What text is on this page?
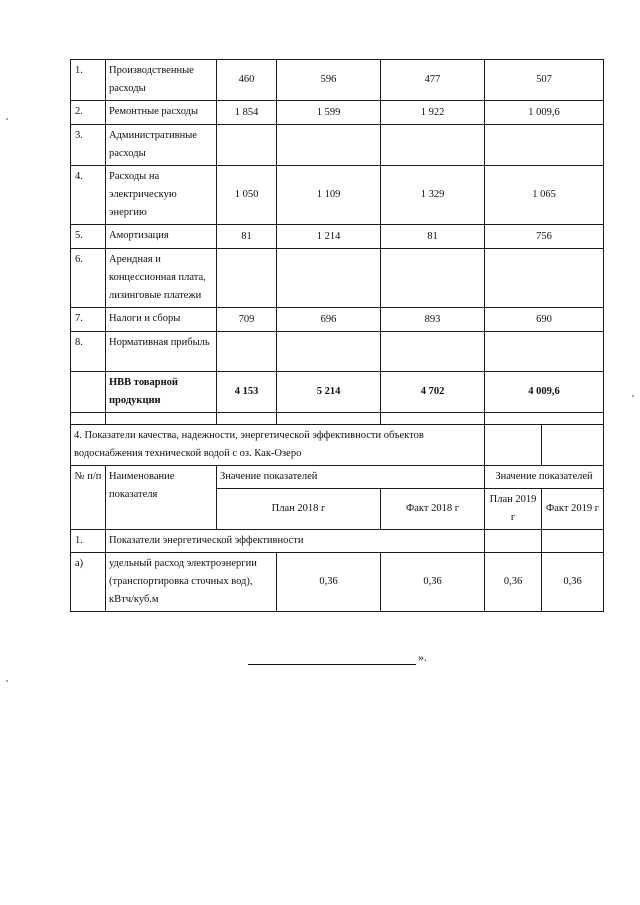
1.	Производственные расходы	460	596	477	507	
2.	Ремонтные расходы	1 854	1 599	1 922	1 009,6	
3.	Административные расходы					
4.	Расходы на электрическую энергию	1 050	1 109	1 329	1 065	
5.	Амортизация	81	1 214	81	756	
6.	Арендная и концессионная плата, лизинговые платежи					
7.	Налоги и сборы	709	696	893	690	
8.	Нормативная прибыль					
	НВВ товарной продукции	4 153	5 214	4 702	4 009,6	

4. Показатели качества, надежности, энергетической эффективности объектов водоснабжения технической водой с оз. Как-Озеро						
№ п/п	Наименование показателя	Значение показателей			Значение показателей	
		План 2018 г		Факт 2018 г	План 2019 г	Факт 2019 г
1.	Показатели энергетической эффективности					
а)	удельный расход электроэнергии (транспортировка сточных вод), кВтч/куб.м		0,36	0,36	0,36	0,36
».
